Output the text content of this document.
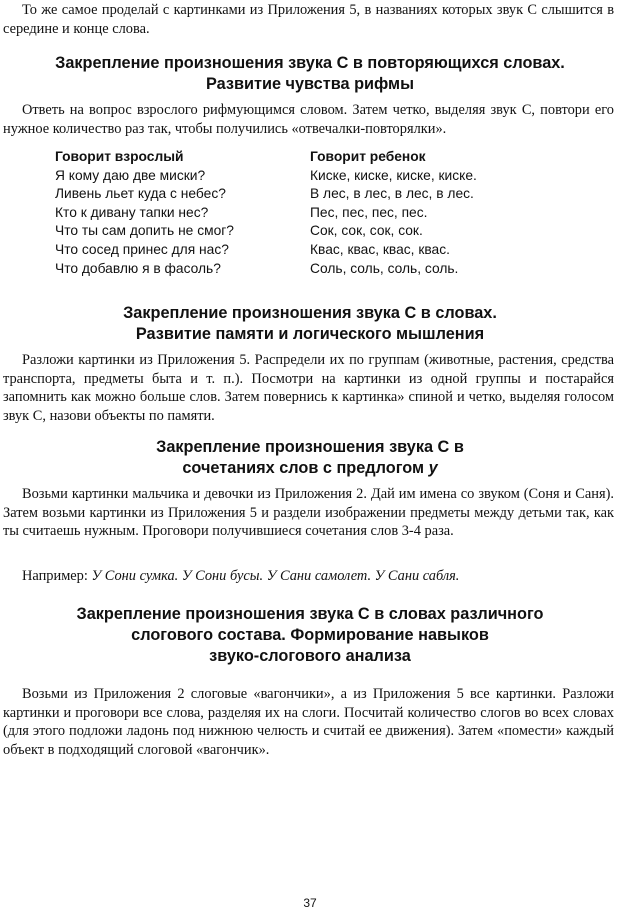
То же самое проделай с картинками из Приложения 5, в названиях которых звук С слышится в середине и конце слова.

Закрепление произношения звука С в повторяющихся словах.
Развитие чувства рифмы

Ответь на вопрос взрослого рифмующимся словом. Затем четко, выделяя звук С, повтори его нужное количество раз так, чтобы получились «отвечалки-повторялки».

Говорит взрослый
Я кому даю две миски?
Ливень льет куда с небес?
Кто к дивану тапки нес?
Что ты сам допить не смог?
Что сосед принес для нас?
Что добавлю я в фасоль?
Говорит ребенок
Киске, киске, киске, киске.
В лес, в лес, в лес, в лес.
Пес, пес, пес, пес.
Сок, сок, сок, сок.
Квас, квас, квас, квас.
Соль, соль, соль, соль.
Закрепление произношения звука С в словах.
Развитие памяти и логического мышления

Разложи картинки из Приложения 5. Распредели их по группам (животные, растения, средства транспорта, предметы быта и т. п.). Посмотри на картинки из одной группы и постарайся запомнить как можно больше слов. Затем повернись к картинка» спиной и четко, выделяя голосом звук С, назови объекты по памяти.

Закрепление произношения звука С в
сочетаниях слов с предлогом у

Возьми картинки мальчика и девочки из Приложения 2. Дай им имена со звуком (Соня и Саня). Затем возьми картинки из Приложения 5 и раздели изображении предметы между детьми так, как ты считаешь нужным. Проговори получившиеся сочетания слов 3-4 раза.

Например: У Сони сумка. У Сони бусы. У Сани самолет. У Сани сабля.

Закрепление произношения звука С в словах различного
слогового состава. Формирование навыков
звуко-слогового анализа

Возьми из Приложения 2 слоговые «вагончики», а из Приложения 5 все картинки. Разложи картинки и проговори все слова, разделяя их на слоги. Посчитай количество слогов во всех словах (для этого подложи ладонь под нижнюю челюсть и считай ее движения). Затем «помести» каждый объект в подходящий слоговой «вагончик».

37
